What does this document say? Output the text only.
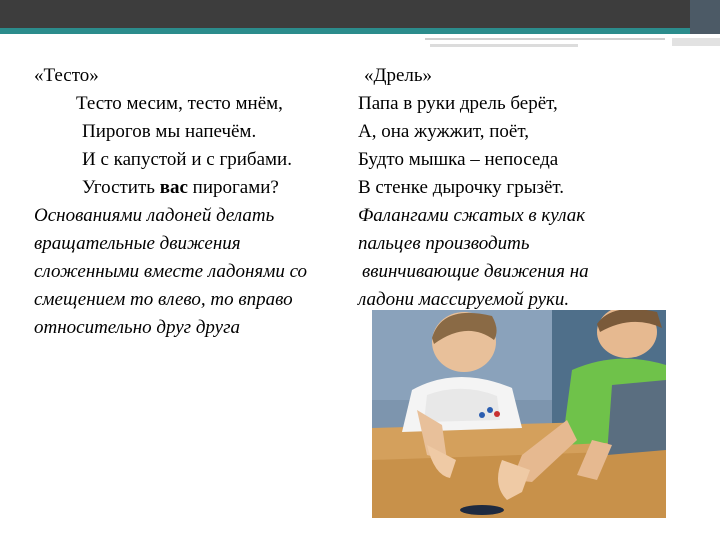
«Тесто»
Тесто месим, тесто мнём,
Пирогов мы напечём.
И с капустой и с грибами.
Угостить вас пирогами?
Основаниями ладоней делать
вращательные движения
сложенными вместе ладонями со
смещением то влево, то вправо
относительно друг друга
«Дрель»
Папа в руки дрель берёт,
А, она жужжит, поёт,
Будто мышка – непоседа
В стенке дырочку грызёт.
Фалангами сжатых в кулак
пальцев производить
ввинчивающие движения на
ладони массируемой руки.
